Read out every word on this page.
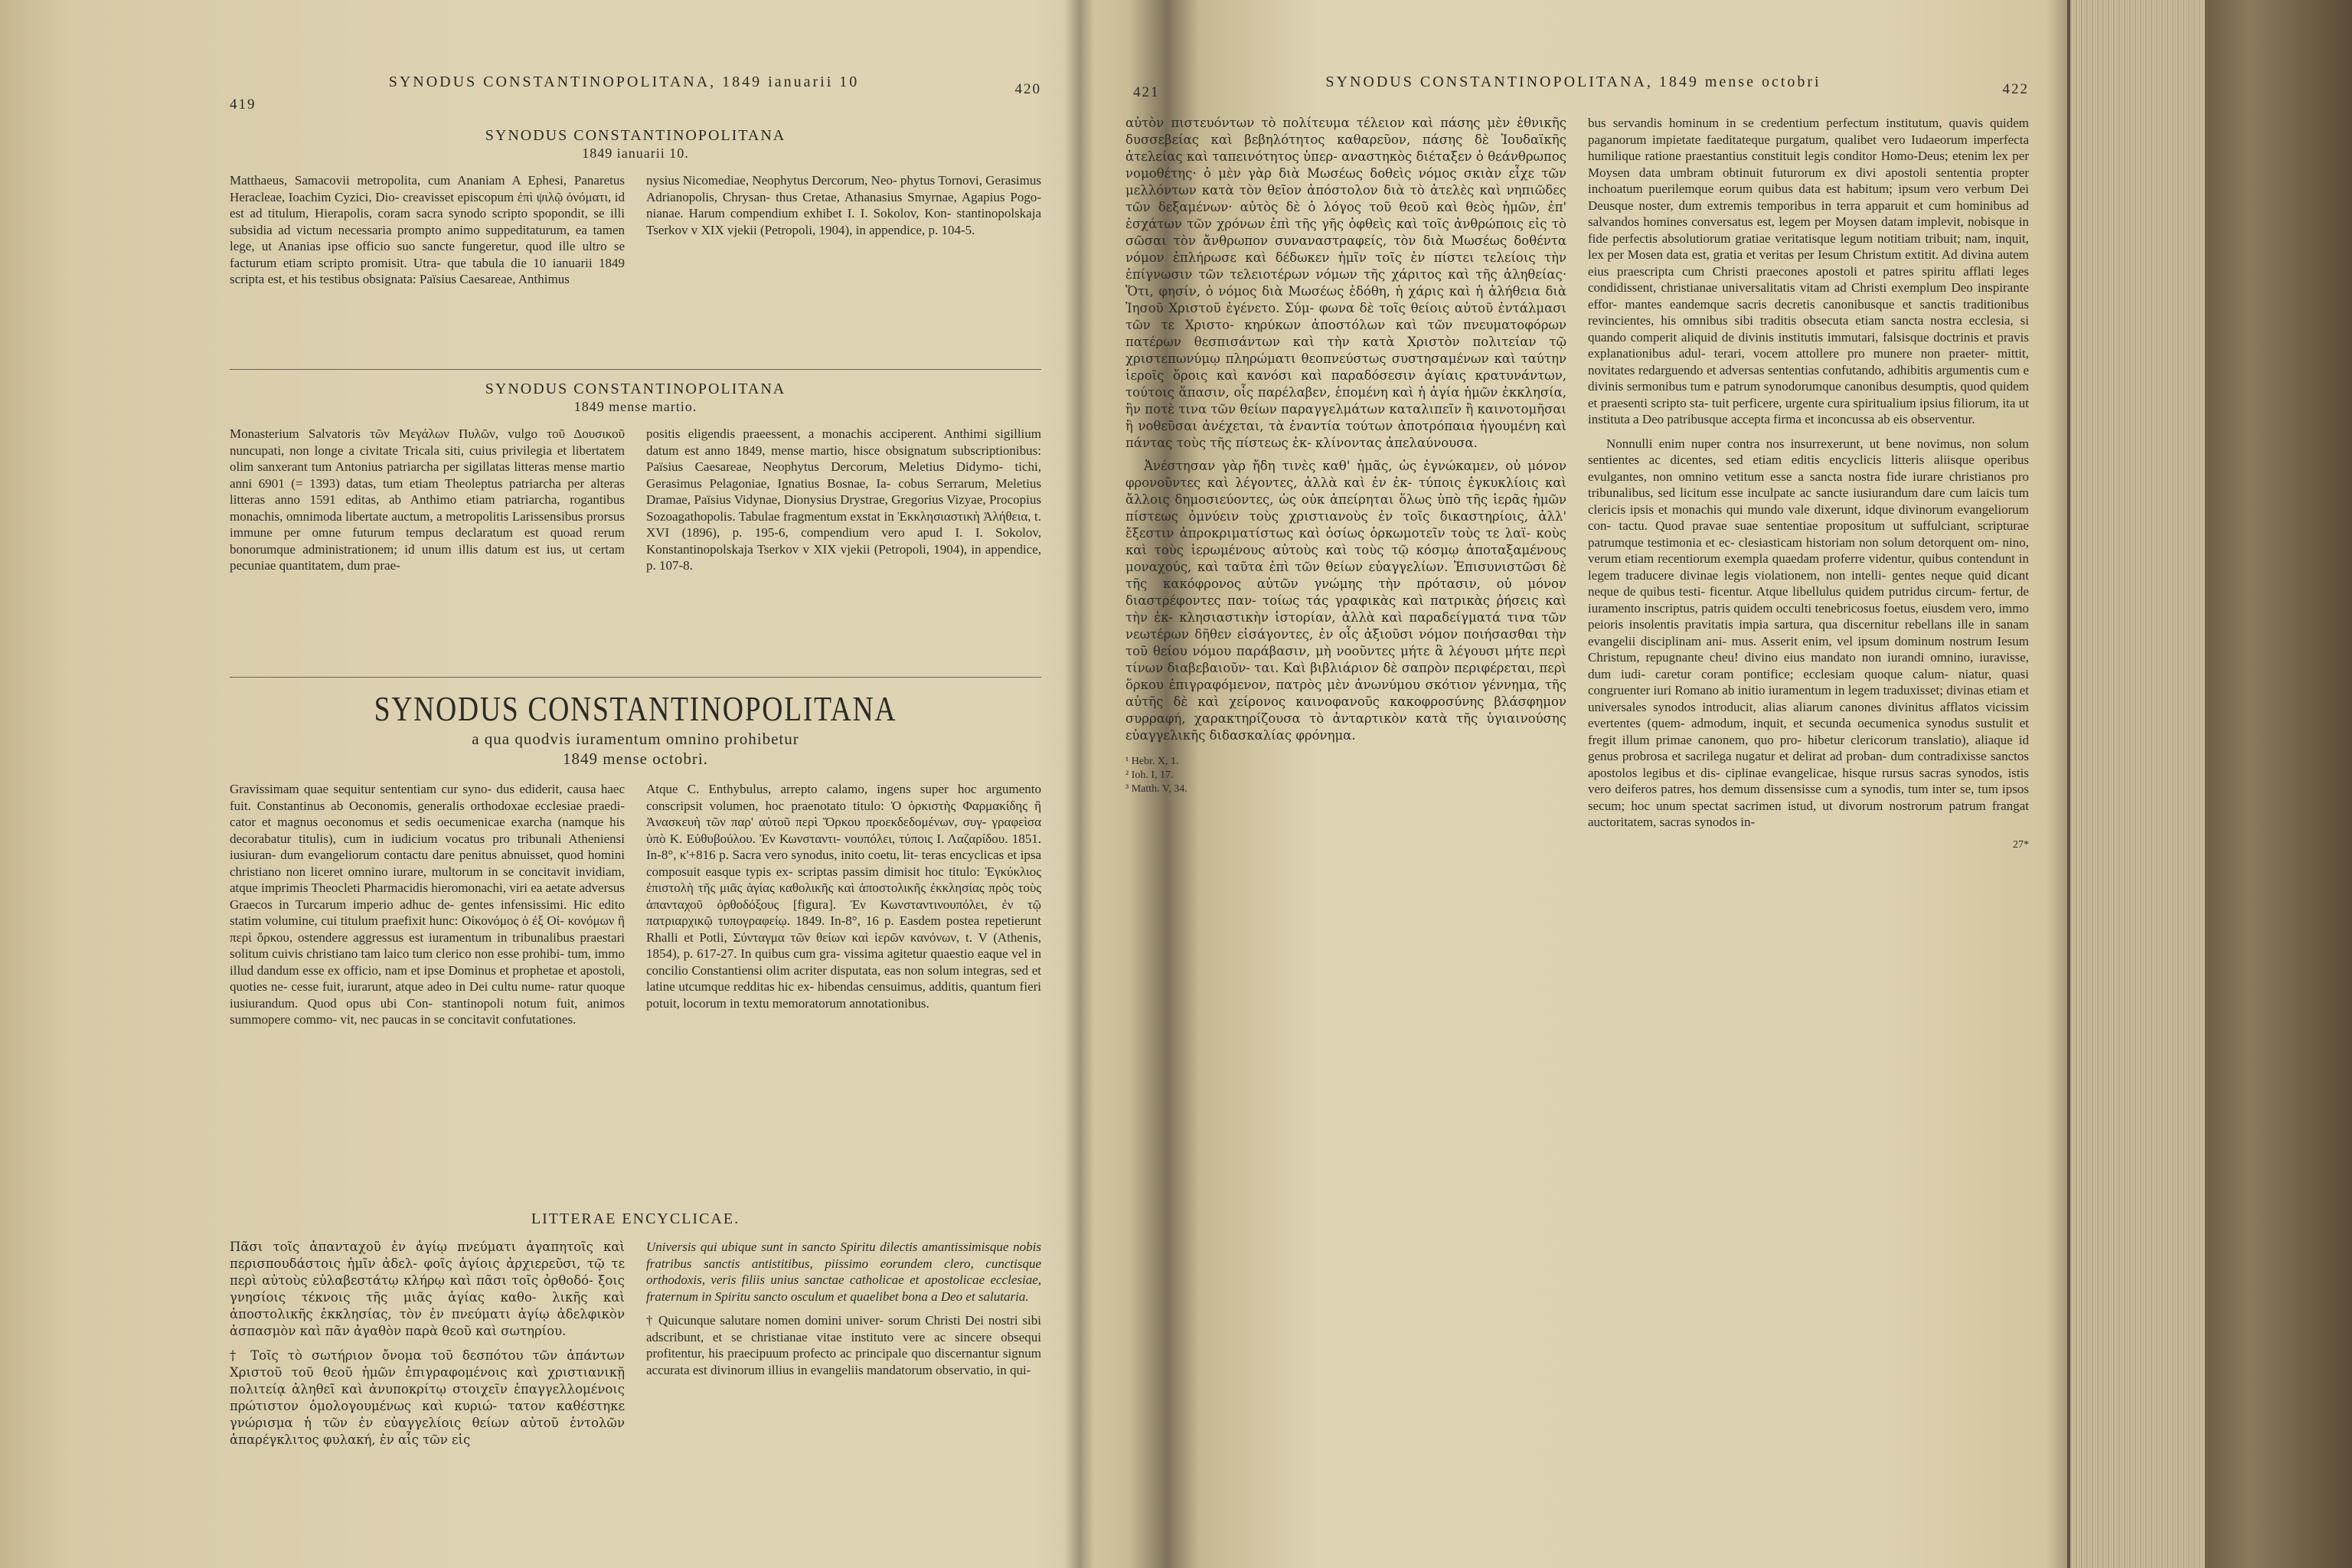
419
SYNODUS CONSTANTINOPOLITANA, 1849 ianuarii 10	420
SYNODUS CONSTANTINOPOLITANA
1849 ianuarii 10.
Matthaeus, Samacovii metropolita, cum Ananiam A Ephesi, Panaretus Heracleae, Ioachim Cyzici, Dio- creavisset episcopum ἐπὶ ψιλῷ ὀνόματι, id est ad titulum, Hierapolis, coram sacra synodo scripto spopondit, se illi subsidia ad victum necessaria prompto animo suppeditaturum, ea tamen lege, ut Ananias ipse officio suo sancte fungeretur, quod ille ultro se facturum etiam scripto promisit. Utra- que tabula die 10 ianuarii 1849 scripta est, et his testibus obsignata: Païsius Caesareae, Anthimus
nysius Nicomediae, Neophytus Dercorum, Neo- phytus Tornovi, Gerasimus Adrianopolis, Chrysan- thus Cretae, Athanasius Smyrnae, Agapius Pogo- nianae. Harum compendium exhibet I. I. Sokolov, Kon- stantinopolskaja Tserkov v XIX vjekii (Petropoli, 1904), in appendice, p. 104-5.
SYNODUS CONSTANTINOPOLITANA
1849 mense martio.
Monasterium Salvatoris τῶν Μεγάλων Πυλῶν, vulgo τοῦ Δουσικοῦ nuncupati, non longe a civitate Tricala siti, cuius privilegia et libertatem olim sanxerant tum Antonius patriarcha per sigillatas litteras mense martio anni 6901 (= 1393) datas, tum etiam Theoleptus patriarcha per alteras litteras anno 1591 editas, ab Anthimo etiam patriarcha, rogantibus monachis, omnimoda libertate auctum, a metropolitis Larissensibus prorsus immune per omne futurum tempus declaratum est quoad rerum bonorumque administrationem; id unum illis datum est ius, ut certam pecuniae quantitatem, dum prae-
positis eligendis praeessent, a monachis acciperent. Anthimi sigillium datum est anno 1849, mense martio, hisce obsignatum subscriptionibus: Païsius Caesareae, Neophytus Dercorum, Meletius Didymo- tichi, Gerasimus Pelagoniae, Ignatius Bosnae, Ia- cobus Serrarum, Meletius Dramae, Païsius Vidynae, Dionysius Drystrae, Gregorius Vizyae, Procopius Sozoagathopolis. Tabulae fragmentum exstat in Ἐκκλησιαστικὴ Ἀλήθεια, t. XVI (1896), p. 195-6, compendium vero apud I. I. Sokolov, Konstantinopolskaja Tserkov v XIX vjekii (Petropoli, 1904), in appendice, p. 107-8.
SYNODUS CONSTANTINOPOLITANA
a qua quodvis iuramentum omnino prohibetur
1849 mense octobri.
Gravissimam quae sequitur sententiam cur syno- dus ediderit, causa haec fuit. Constantinus ab Oeconomis, generalis orthodoxae ecclesiae praedi- cator et magnus oeconomus et sedis oecumenicae exarcha (namque his decorabatur titulis), cum in iudicium vocatus pro tribunali Atheniensi iusiuran- dum evangeliorum contactu dare penitus abnuisset, quod homini christiano non liceret omnino iurare, multorum in se concitavit invidiam, atque imprimis Theocleti Pharmacidis hieromonachi, viri ea aetate adversus Graecos in Turcarum imperio adhuc de- gentes infensissimi. Hic edito statim volumine, cui titulum praefixit hunc: Οἰκονόμος ὁ ἐξ Οἰ- κονόμων ἢ περὶ ὅρκου, ostendere aggressus est iuramentum in tribunalibus praestari solitum cuivis christiano tam laico tum clerico non esse prohibi- tum, immo illud dandum esse ex officio, nam et ipse Dominus et prophetae et apostoli, quoties ne- cesse fuit, iurarunt, atque adeo in Dei cultu nume- ratur quoque iusiurandum. Quod opus ubi Con- stantinopoli notum fuit, animos summopere commo- vit, nec paucas in se concitavit confutationes.
Atque C. Enthybulus, arrepto calamo, ingens super hoc argumento conscripsit volumen, hoc praenotato titulo: Ὁ ὁρκιστὴς Φαρμακίδης ἢ Ἀνασκευὴ τῶν παρ' αὐτοῦ περὶ Ὅρκου προεκδεδομένων, συγ- γραφεὶσα ὑπὸ Κ. Εὐθυβούλου. Ἐν Κωνσταντι- νουπόλει, τύποις Ι. Λαζαρίδου. 1851. In-8°, κ'+816 p. Sacra vero synodus, inito coetu, lit- teras encyclicas et ipsa composuit easque typis ex- scriptas passim dimisit hoc titulo: Ἐγκύκλιος ἐπιστολὴ τῆς μιᾶς ἁγίας καθολικῆς καὶ ἀποστολικῆς ἐκκλησίας πρὸς τοὺς ἁπανταχοῦ ὀρθοδόξους [figura]. Ἐν Κωνσταντινουπόλει, ἐν τῷ πατριαρχικῷ τυπογραφείῳ. 1849. In-8°, 16 p. Easdem postea repetierunt Rhalli et Potli, Σύνταγμα τῶν θείων καὶ ἱερῶν κανόνων, t. V (Athenis, 1854), p. 617-27. In quibus cum gra- vissima agitetur quaestio eaque vel in concilio Constantiensi olim acriter disputata, eas non solum integras, sed et latine utcumque redditas hic ex- hibendas censuimus, additis, quantum fieri potuit, locorum in textu memoratorum annotationibus.
LITTERAE ENCYCLICAE.
Πᾶσι τοῖς ἁπανταχοῦ ἐν ἁγίῳ πνεύματι ἀγαπητοῖς καὶ περισπουδάστοις ἡμῖν ἀδελ- φοῖς ἁγίοις ἀρχιερεῦσι, τῷ τε περὶ αὐτοὺς εὐλαβεστάτῳ κλήρῳ καὶ πᾶσι τοῖς ὀρθοδό- ξοις γνησίοις τέκνοις τῆς μιᾶς ἁγίας καθο- λικῆς καὶ ἀποστολικῆς ἐκκλησίας, τὸν ἐν πνεύματι ἁγίῳ ἀδελφικὸν ἀσπασμὸν καὶ πᾶν ἀγαθὸν παρὰ θεοῦ καὶ σωτηρίου.
† Τοῖς τὸ σωτήριον ὄνομα τοῦ δεσπότου τῶν ἁπάντων Χριστοῦ τοῦ θεοῦ ἡμῶν ἐπιγραφομένοις καὶ χριστιανικῇ πολιτείᾳ ἀληθεῖ καὶ ἀνυποκρίτῳ στοιχεῖν ἐπαγγελλομένοις πρώτιστον ὁμολογουμένως καὶ κυριώ- τατον καθέστηκε γνώρισμα ἡ τῶν ἐν εὐαγγελίοις θείων αὐτοῦ ἐντολῶν ἀπαρέγκλιτος φυλακή, ἐν αἷς τῶν εἰς
Universis qui ubique sunt in sancto Spiritu dilectis amantissimisque nobis fratribus sanctis antistitibus, piissimo eorundem clero, cunctisque orthodoxis, veris filiis unius sanctae catholicae et apostolicae ecclesiae, fraternum in Spiritu sancto osculum et quaelibet bona a Deo et salutaria.
† Quicunque salutare nomen domini univer- sorum Christi Dei nostri sibi adscribunt, et se christianae vitae instituto vere ac sincere obsequi profitentur, his praecipuum profecto ac principale quo discernantur signum accurata est divinorum illius in evangeliis mandatorum observatio, in qui-
421
SYNODUS CONSTANTINOPOLITANA, 1849 mense octobri	422
αὐτὸν πιστευόντων τὸ πολίτευμα τέλειον καὶ πάσης μὲν ἐθνικῆς δυσσεβείας καὶ βεβηλότητος καθαρεῦον, πάσης δὲ Ἰουδαϊκῆς ἀτελείας καὶ ταπεινότητος ὑπερ- αναστηκὸς διέταξεν ὁ θεάνθρωπος νομοθέτης· ὁ μὲν γὰρ διὰ Μωσέως δοθεὶς νόμος σκιὰν εἶχε τῶν μελλόντων κατὰ τὸν θεῖον ἀπόστολον διὰ τὸ ἀτελὲς καὶ νηπιῶδες τῶν δεξαμένων· αὐτὸς δὲ ὁ λόγος τοῦ θεοῦ καὶ θεὸς ἡμῶν, ἐπ' ἐσχάτων τῶν χρόνων ἐπὶ τῆς γῆς ὀφθεὶς καὶ τοῖς ἀνθρώποις εἰς τὸ σῶσαι τὸν ἄνθρωπον συναναστραφείς, τὸν διὰ Μωσέως δοθέντα νόμον ἐπλήρωσε καὶ δέδωκεν ἡμῖν τοῖς ἐν πίστει τελείοις τὴν ἐπίγνωσιν τῶν τελειοτέρων νόμων τῆς χάριτος καὶ τῆς ἀληθείας· Ὅτι, φησίν, ὁ νόμος διὰ Μωσέως ἐδόθη, ἡ χάρις καὶ ἡ ἀλήθεια διὰ Ἰησοῦ Χριστοῦ ἐγένετο. Σύμ- φωνα δὲ τοῖς θείοις αὐτοῦ ἐντάλμασι τῶν τε Χριστο- κηρύκων ἀποστόλων καὶ τῶν πνευματοφόρων πατέρων θεσπισάντων καὶ τὴν κατὰ Χριστὸν πολιτείαν τῷ χριστεπωνύμῳ πληρώματι θεοπνεύστως συστησαμένων καὶ ταύτην ἱεροῖς ὅροις καὶ κανόσι καὶ παραδόσεσιν ἁγίαις κρατυνάντων, τούτοις ἅπασιν, οἷς παρέλαβεν, ἑπομένη καὶ ἡ ἁγία ἡμῶν ἐκκλησία, ἣν ποτὲ τινα τῶν θείων παραγγελμάτων καταλιπεῖν ἢ καινοτομῆσαι ἢ νοθεῦσαι ἀνέχεται, τὰ ἐναντία τούτων ἀποτρόπαια ἡγουμένη καὶ πάντας τοὺς τῆς πίστεως ἐκ- κλίνοντας ἀπελαύνουσα.
Ἀνέστησαν γὰρ ἤδη τινὲς καθ' ἡμᾶς, ὡς ἐγνώκαμεν, οὐ μόνον φρονοῦντες καὶ λέγοντες, ἀλλὰ καὶ ἐν ἐκ- τύποις ἐγκυκλίοις καὶ ἄλλοις δημοσιεύοντες, ὡς οὐκ ἀπείρηται ὅλως ὑπὸ τῆς ἱερᾶς ἡμῶν πίστεως ὀμνύειν τοὺς χριστιανοὺς ἐν τοῖς δικαστηρίοις, ἀλλ' ἔξεστιν ἀπροκριματίστως καὶ ὁσίως ὁρκωμοτεῖν τοὺς τε λαϊ- κοὺς καὶ τοὺς ἱερωμένους αὐτοὺς καὶ τοὺς τῷ κόσμῳ ἀποταξαμένους μοναχούς, καὶ ταῦτα ἐπὶ τῶν θείων εὐαγγελίων. Ἐπισυνιστῶσι δὲ τῆς κακόφρονος αὐτῶν γνώμης τὴν πρότασιν, οὐ μόνον διαστρέφοντες παν- τοίως τάς γραφικὰς καὶ πατρικὰς ῥήσεις καὶ τὴν ἐκ- κλησιαστικὴν ἱστορίαν, ἀλλὰ καὶ παραδείγματά τινα τῶν νεωτέρων δῆθεν εἰσάγοντες, ἐν οἷς ἀξιοῦσι νόμον ποιήσασθαι τὴν τοῦ θείου νόμου παράβασιν, μὴ νοοῦντες μήτε ἃ λέγουσι μήτε περὶ τίνων διαβεβαιοῦν- ται. Καὶ βιβλιάριον δὲ σαπρὸν περιφέρεται, περὶ ὅρκου ἐπιγραφόμενον, πατρὸς μὲν ἀνωνύμου σκότιον γέννημα, τῆς αὐτῆς δὲ καὶ χείρονος καινοφανοῦς κακοφροσύνης βλάσφημον συρραφή, χαρακτηρίζουσα τὸ ἀνταρτικὸν κατὰ τῆς ὑγιαινούσης εὐαγγελικῆς διδασκαλίας φρόνημα.
¹ Hebr. X, 1.
² Ioh. I, 17.
³ Matth. V, 34.
bus servandis hominum in se credentium perfectum institutum, quavis quidem paganorum impietate faeditateque purgatum, qualibet vero Iudaeorum imperfecta humilique ratione praestantius constituit legis conditor Homo-Deus; etenim lex per Moysen data umbram obtinuit futurorum ex divi apostoli sententia propter inchoatum puerilemque eorum quibus data est habitum; ipsum vero verbum Dei Deusque noster, dum extremis temporibus in terra apparuit et cum hominibus ad salvandos homines conversatus est, legem per Moysen datam implevit, nobisque in fide perfectis absolutiorum gratiae veritatisque legum notitiam tribuit; nam, inquit, lex per Mosen data est, gratia et veritas per Iesum Christum extitit. Ad divina autem eius praescripta cum Christi praecones apostoli et patres spiritu afflati leges condidissent, christianae universalitatis vitam ad Christi exemplum Deo inspirante effor- mantes eandemque sacris decretis canonibusque et sanctis traditionibus revincientes, his omnibus sibi traditis obsecuta etiam sancta nostra ecclesia, si quando comperit aliquid de divinis institutis immutari, falsisque doctrinis et pravis explanationibus adul- terari, vocem attollere pro munere non praeter- mittit, novitates redarguendo et adversas sententias confutando, adhibitis argumentis cum e divinis sermonibus tum e patrum synodorumque canonibus desumptis, quod quidem et praesenti scripto sta- tuit perficere, urgente cura spiritualium ipsius filiorum, ita ut instituta a Deo patribusque accepta firma et inconcussa ab eis observentur.
Nonnulli enim nuper contra nos insurrexerunt, ut bene novimus, non solum sentientes ac dicentes, sed etiam editis encyclicis litteris aliisque operibus evulgantes, non omnino vetitum esse a sancta nostra fide iurare christianos pro tribunalibus, sed licitum esse inculpate ac sancte iusiurandum dare cum laicis tum clericis ipsis et monachis qui mundo vale dixerunt, idque divinorum evangeliorum con- tactu. Quod pravae suae sententiae propositum ut suffulciant, scripturae patrumque testimonia et ec- clesiasticam historiam non solum detorquent om- nino, verum etiam recentiorum exempla quaedam proferre videntur, quibus contendunt in legem traducere divinae legis violationem, non intelli- gentes neque quid dicant neque de quibus testi- ficentur. Atque libellulus quidem putridus circum- fertur, de iuramento inscriptus, patris quidem occulti tenebricosus foetus, eiusdem vero, immo peioris insolentis pravitatis impia sartura, qua discernitur rebellans ille in sanam evangelii disciplinam ani- mus. Asserit enim, vel ipsum dominum nostrum Iesum Christum, repugnante cheu! divino eius mandato non iurandi omnino, iuravisse, dum iudi- caretur coram pontifice; ecclesiam quoque calum- niatur, quasi congruenter iuri Romano ab initio iuramentum in legem traduxisset; divinas etiam et universales synodos introducit, alias aliarum canones divinitus afflatos vicissim evertentes (quem- admodum, inquit, et secunda oecumenica synodus sustulit et fregit illum primae canonem, quo pro- hibetur clericorum translatio), aliaque id genus probrosa et sacrilega nugatur et delirat ad proban- dum contradixisse sanctos apostolos legibus et dis- ciplinae evangelicae, hisque rursus sacras synodos, istis vero deiferos patres, hos demum dissensisse cum a synodis, tum inter se, tum ipsos secum; hoc unum spectat sacrimen istud, ut divorum nostrorum patrum frangat auctoritatem, sacras synodos in-
27*
